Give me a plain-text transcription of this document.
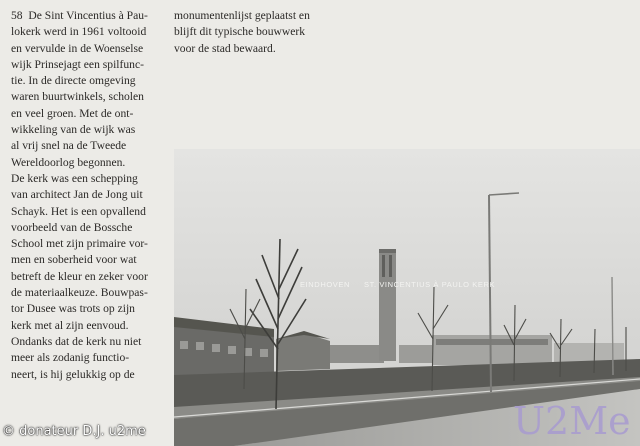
58 De Sint Vincentius à Pau-
lokerk werd in 1961 voltooid
en vervulde in de Woenselse
wijk Prinsejagt een spilfunc-
tie. In de directe omgeving
waren buurtwinkels, scholen
en veel groen. Met de ont-
wikkeling van de wijk was
al vrij snel na de Tweede
Wereldoorlog begonnen.
De kerk was een schepping
van architect Jan de Jong uit
Schayk. Het is een opvallend
voorbeeld van de Bossche
School met zijn primaire vor-
men en soberheid voor wat
betreft de kleur en zeker voor
de materiaalkeuze. Bouwpas-
tor Dusee was trots op zijn
kerk met al zijn eenvoud.
Ondanks dat de kerk nu niet
meer als zodanig functio-
neert, is hij gelukkig op de
monumentenlijst geplaatst en
blijft dit typische bouwwerk
voor de stad bewaard.
EINDHOVEN ST. VINCENTIUS À PAULO KERK
U2Me
© donateur D.J. u2me
